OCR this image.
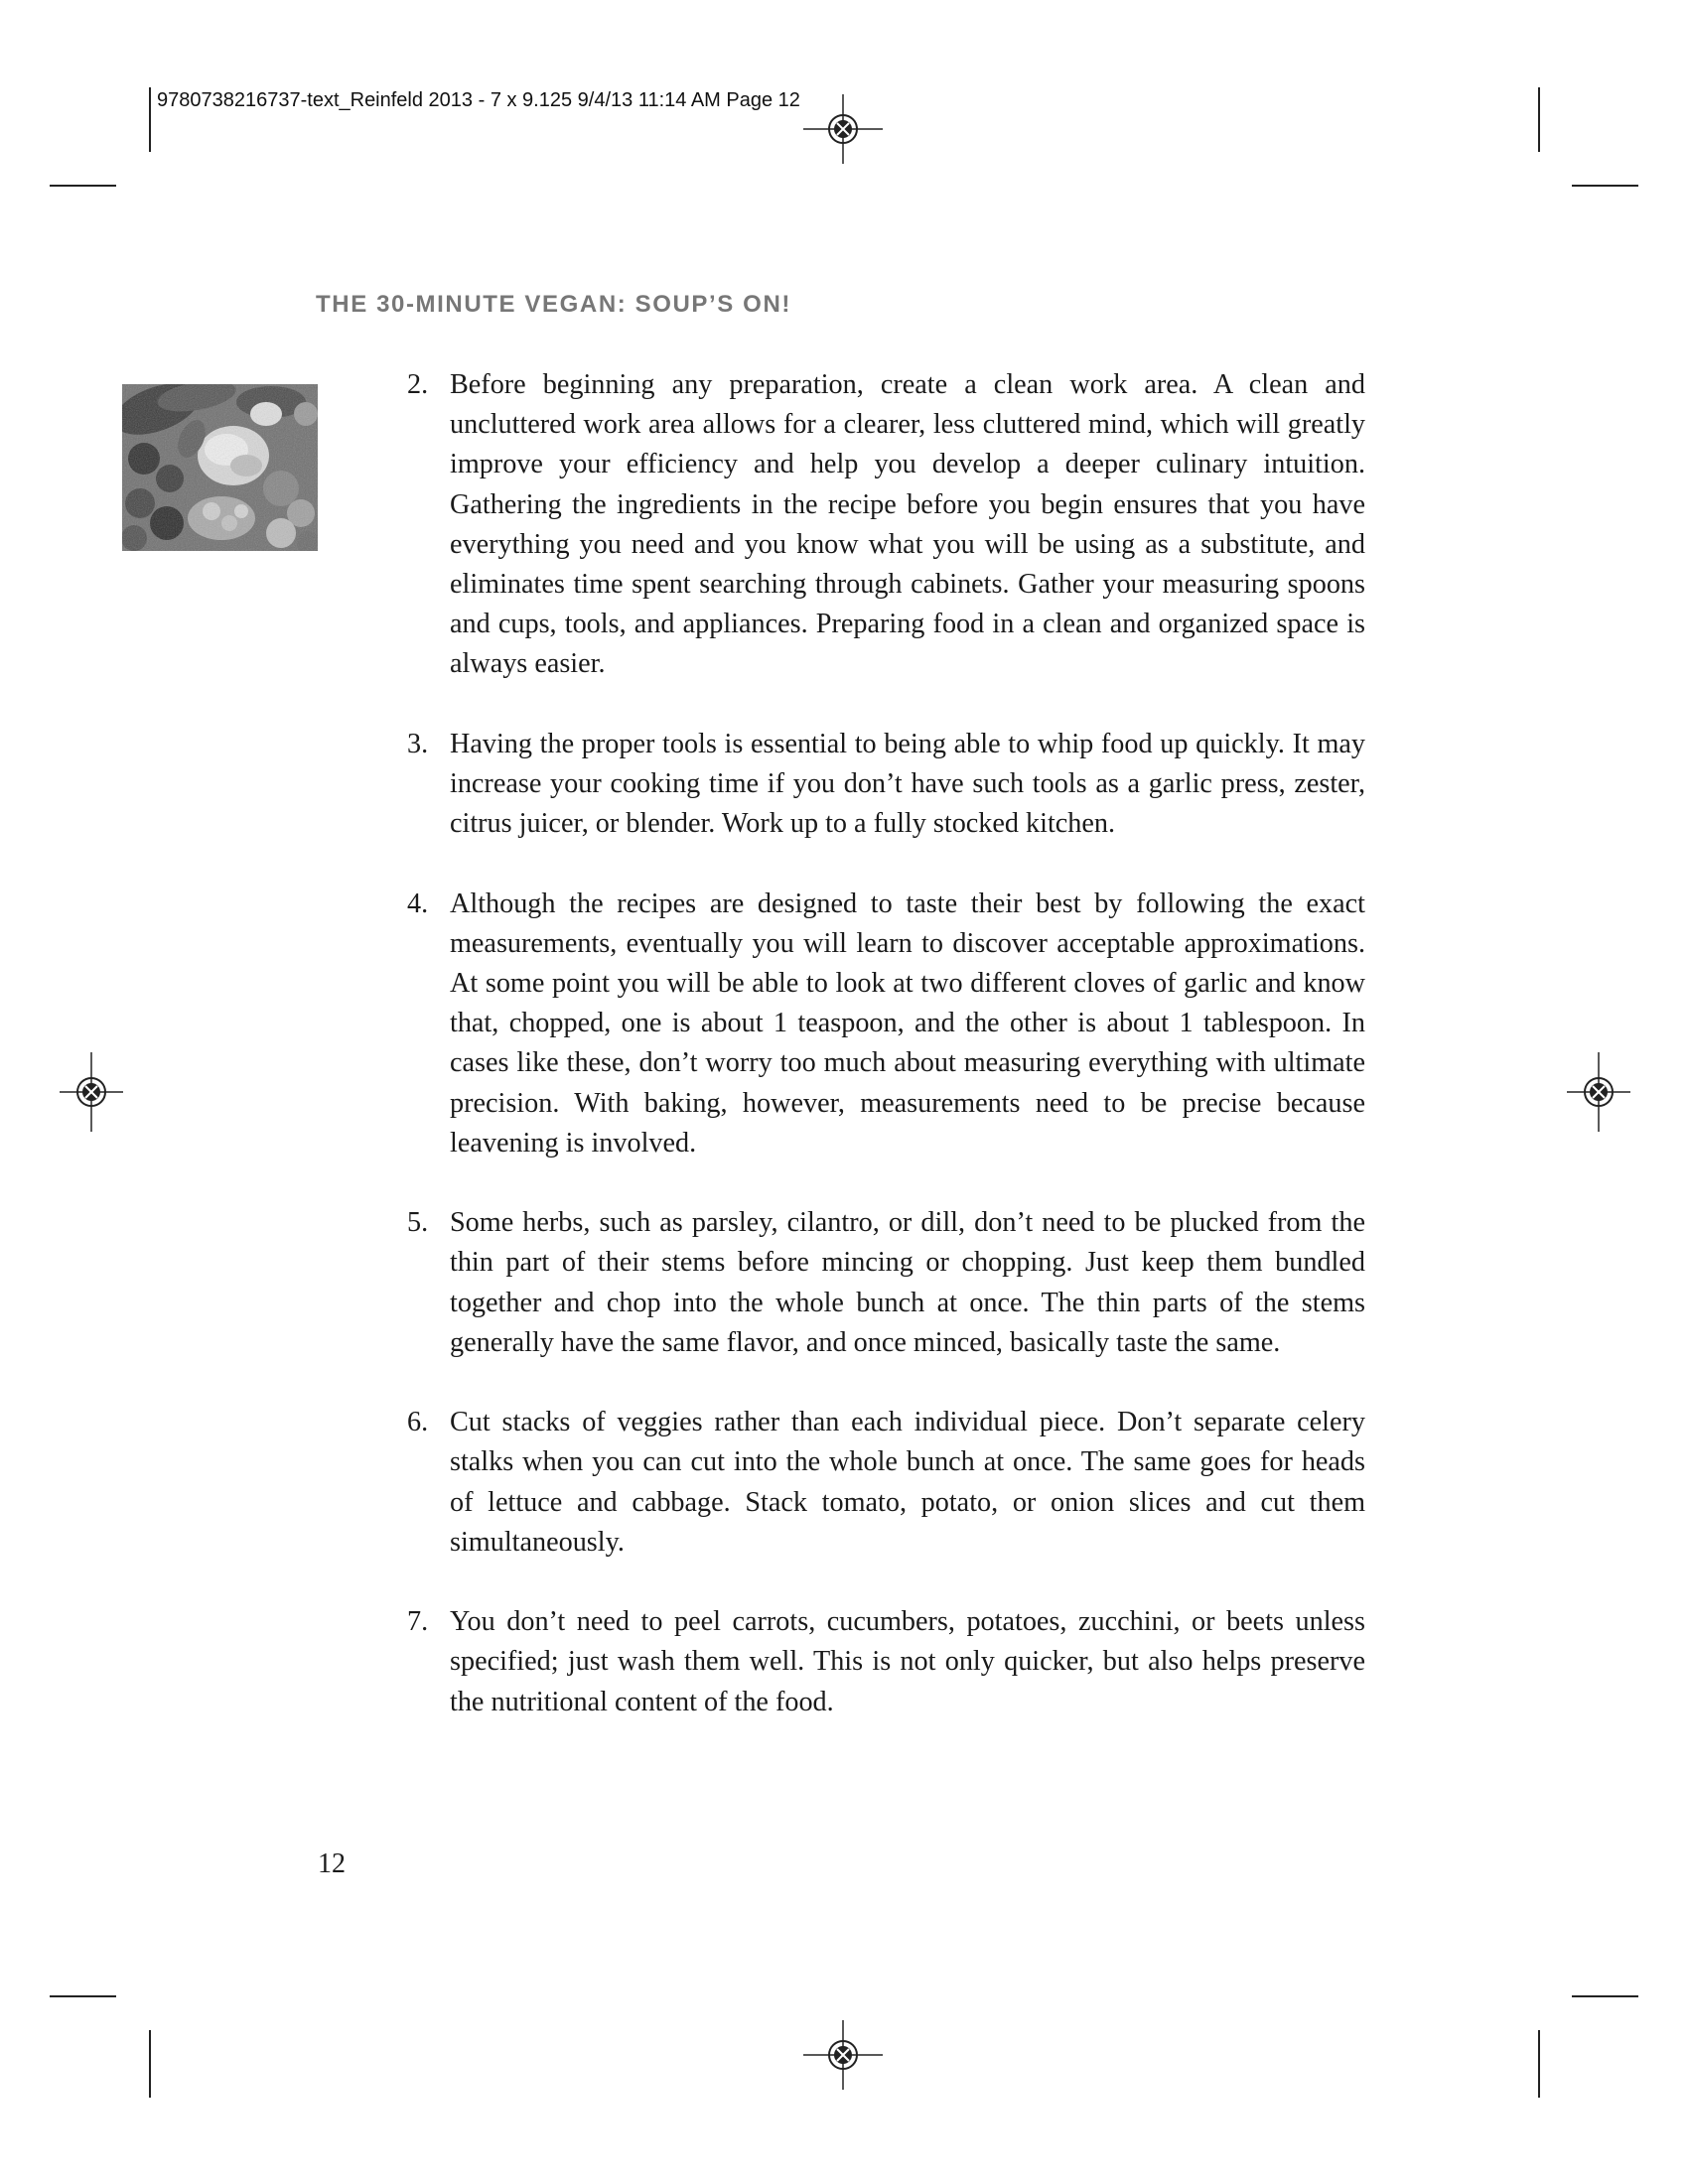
9780738216737-text_Reinfeld 2013 - 7 x 9.125 9/4/13 11:14 AM Page 12
THE 30-MINUTE VEGAN: SOUP’S ON!
2. Before beginning any preparation, create a clean work area. A clean and uncluttered work area allows for a clearer, less cluttered mind, which will greatly improve your efficiency and help you develop a deeper culinary intuition. Gathering the ingredients in the recipe before you begin ensures that you have everything you need and you know what you will be using as a substitute, and eliminates time spent searching through cabinets. Gather your measuring spoons and cups, tools, and appliances. Preparing food in a clean and organized space is always easier.
3. Having the proper tools is essential to being able to whip food up quickly. It may increase your cooking time if you don’t have such tools as a garlic press, zester, citrus juicer, or blender. Work up to a fully stocked kitchen.
4. Although the recipes are designed to taste their best by following the exact measurements, eventually you will learn to discover acceptable approximations. At some point you will be able to look at two different cloves of garlic and know that, chopped, one is about 1 teaspoon, and the other is about 1 tablespoon. In cases like these, don’t worry too much about measuring everything with ultimate precision. With baking, however, measurements need to be precise because leavening is involved.
5. Some herbs, such as parsley, cilantro, or dill, don’t need to be plucked from the thin part of their stems before mincing or chopping. Just keep them bundled together and chop into the whole bunch at once. The thin parts of the stems generally have the same flavor, and once minced, basically taste the same.
6. Cut stacks of veggies rather than each individual piece. Don’t separate celery stalks when you can cut into the whole bunch at once. The same goes for heads of lettuce and cabbage. Stack tomato, potato, or onion slices and cut them simultaneously.
7. You don’t need to peel carrots, cucumbers, potatoes, zucchini, or beets unless specified; just wash them well. This is not only quicker, but also helps preserve the nutritional content of the food.
12
